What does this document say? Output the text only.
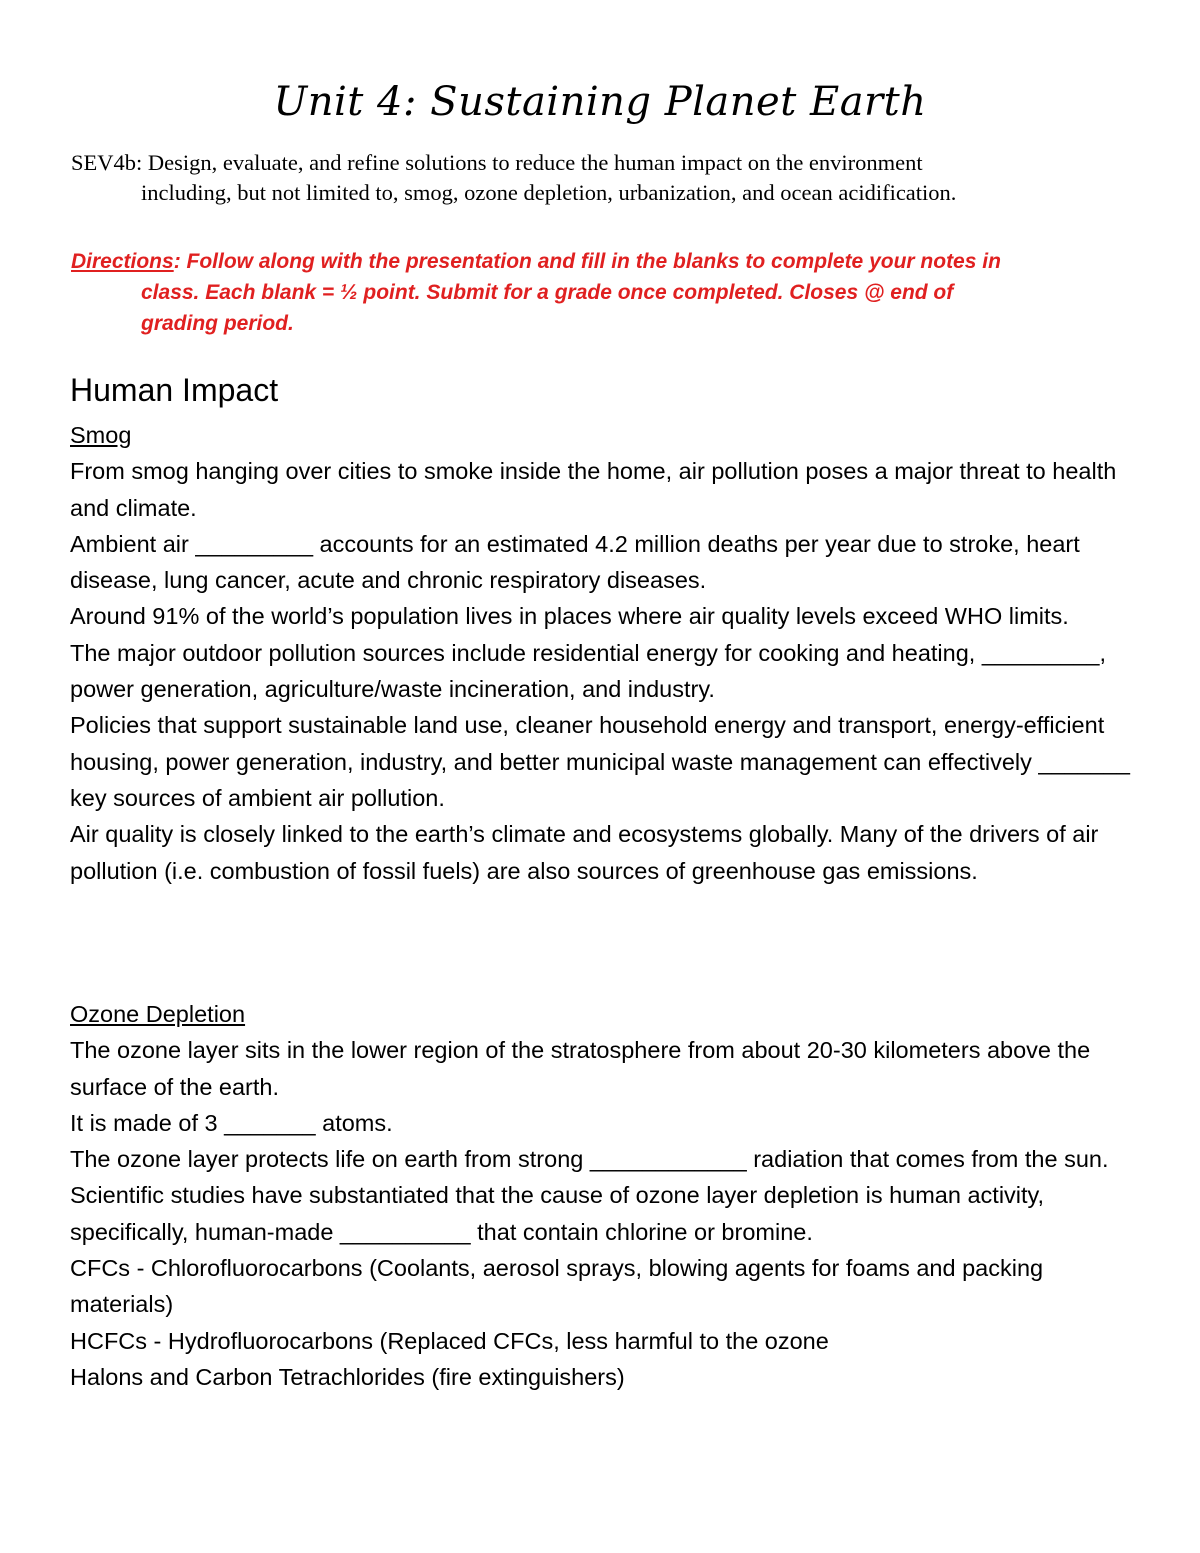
Unit 4: Sustaining Planet Earth
SEV4b: Design, evaluate, and refine solutions to reduce the human impact on the environment
including, but not limited to, smog, ozone depletion, urbanization, and ocean acidification.
Directions: Follow along with the presentation and fill in the blanks to complete your notes in
class. Each blank = ½ point. Submit for a grade once completed. Closes @ end of
grading period.
Human Impact

Smog

From smog hanging over cities to smoke inside the home, air pollution poses a major threat to health and climate.

Ambient air _________ accounts for an estimated 4.2 million deaths per year due to stroke, heart disease, lung cancer, acute and chronic respiratory diseases.

Around 91% of the world’s population lives in places where air quality levels exceed WHO limits.

The major outdoor pollution sources include residential energy for cooking and heating, _________, power generation, agriculture/waste incineration, and industry.

Policies that support sustainable land use, cleaner household energy and transport, energy-efficient housing, power generation, industry, and better municipal waste management can effectively _______ key sources of ambient air pollution.

Air quality is closely linked to the earth’s climate and ecosystems globally. Many of the drivers of air pollution (i.e. combustion of fossil fuels) are also sources of greenhouse gas emissions.

Ozone Depletion

The ozone layer sits in the lower region of the stratosphere from about 20-30 kilometers above the surface of the earth.

It is made of 3 _______ atoms.

The ozone layer protects life on earth from strong ____________ radiation that comes from the sun.

Scientific studies have substantiated that the cause of ozone layer depletion is human activity, specifically, human-made __________ that contain chlorine or bromine.

CFCs - Chlorofluorocarbons (Coolants, aerosol sprays, blowing agents for foams and packing materials)

HCFCs - Hydrofluorocarbons (Replaced CFCs, less harmful to the ozone

Halons and Carbon Tetrachlorides (fire extinguishers)
